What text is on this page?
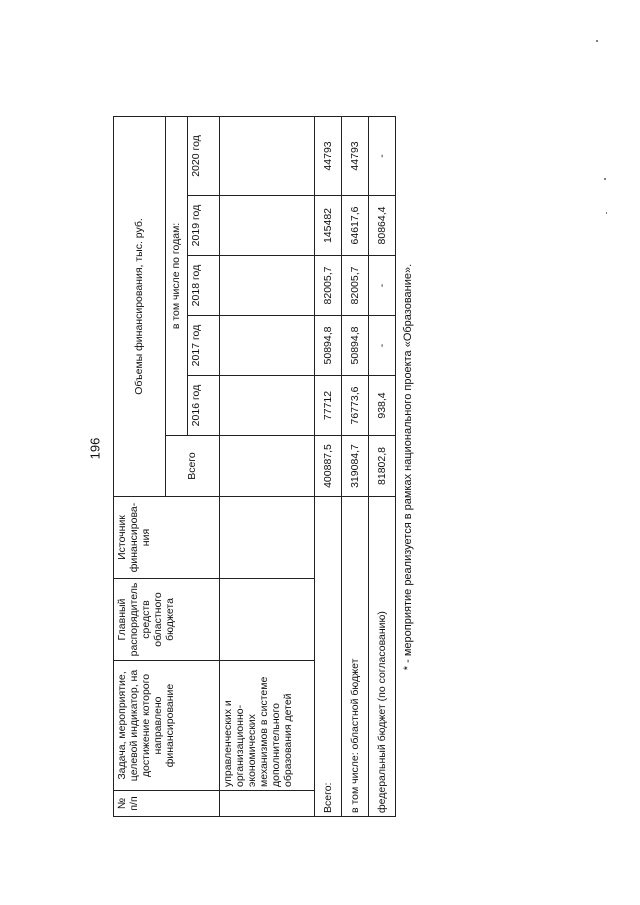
196
№ п/п	Задача, мероприятие, целевой индикатор, на достижение которого направлено финансирование	Главный распорядитель средств областного бюджета	Источник финансирова-ния	Объемы финансирования, тыс. руб.					
				Всего	в том числе по годам:				
					2016 год	2017 год	2018 год	2019 год	2020 год
	управленческих и организационно-экономических механизмов в системе дополнительного образования детей								
Всего:				400887,5	77712	50894,8	82005,7	145482	44793
в том числе: областной бюджет				319084,7	76773,6	50894,8	82005,7	64617,6	44793
федеральный бюджет (по согласованию)				81802,8	938,4	-	-	80864,4	-
* - мероприятие реализуется в рамках национального проекта «Образование».
